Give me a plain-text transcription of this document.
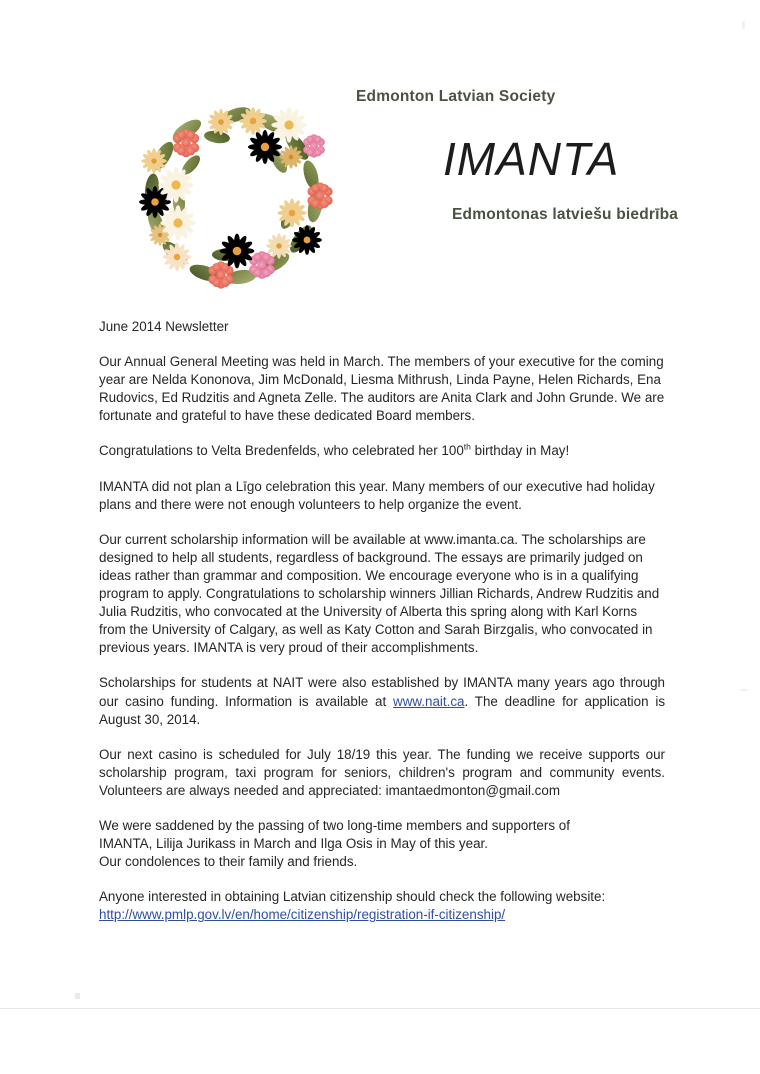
Edmonton Latvian Society
IMANTA
Edmontonas latviešu biedrība

June 2014 Newsletter

Our Annual General Meeting was held in March. The members of your executive for the coming year are Nelda Kononova, Jim McDonald, Liesma Mithrush, Linda Payne, Helen Richards, Ena Rudovics, Ed Rudzitis and Agneta Zelle. The auditors are Anita Clark and John Grunde. We are fortunate and grateful to have these dedicated Board members.

Congratulations to Velta Bredenfelds, who celebrated her 100th birthday in May!

IMANTA did not plan a Līgo celebration this year. Many members of our executive had holiday plans and there were not enough volunteers to help organize the event.

Our current scholarship information will be available at www.imanta.ca. The scholarships are designed to help all students, regardless of background. The essays are primarily judged on ideas rather than grammar and composition. We encourage everyone who is in a qualifying program to apply. Congratulations to scholarship winners Jillian Richards, Andrew Rudzitis and Julia Rudzitis, who convocated at the University of Alberta this spring along with Karl Korns from the University of Calgary, as well as Katy Cotton and Sarah Birzgalis, who convocated in previous years. IMANTA is very proud of their accomplishments.

Scholarships for students at NAIT were also established by IMANTA many years ago through our casino funding. Information is available at www.nait.ca. The deadline for application is August 30, 2014.

Our next casino is scheduled for July 18/19 this year. The funding we receive supports our scholarship program, taxi program for seniors, children's program and community events. Volunteers are always needed and appreciated: imantaedmonton@gmail.com

We were saddened by the passing of two long-time members and supporters of
IMANTA, Lilija Jurikass in March and Ilga Osis in May of this year.
Our condolences to their family and friends.

Anyone interested in obtaining Latvian citizenship should check the following website:
http://www.pmlp.gov.lv/en/home/citizenship/registration-if-citizenship/
